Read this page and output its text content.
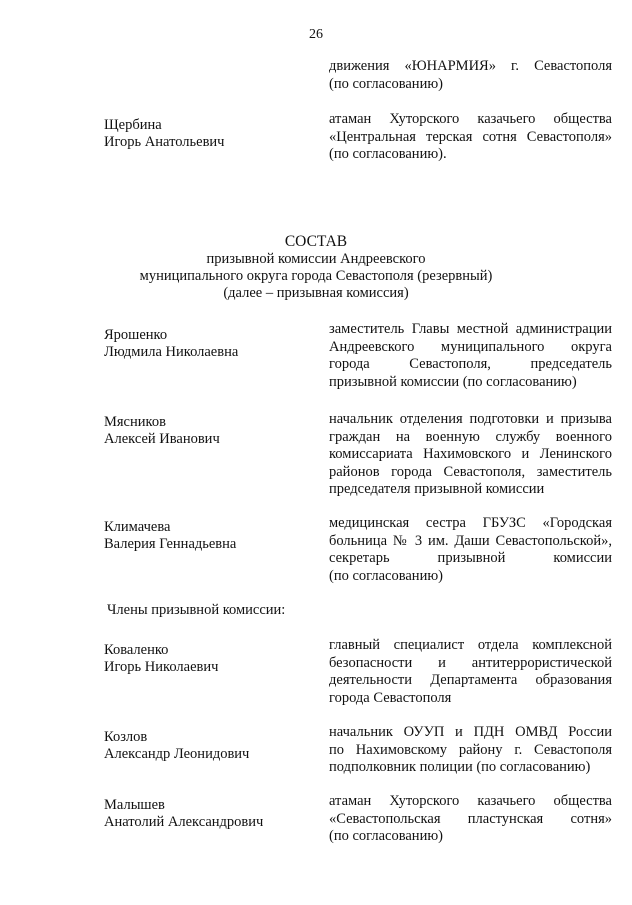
26
движения «ЮНАРМИЯ» г. Севастополя
(по согласованию)
Щербина
Игорь Анатольевич
атаман Хуторского казачьего общества
«Центральная терская сотня Севастополя»
(по согласованию).
СОСТАВ
призывной комиссии Андреевского
муниципального округа города Севастополя (резервный)
(далее – призывная комиссия)
Ярошенко
Людмила Николаевна
заместитель Главы местной администрации
Андреевского муниципального округа
города Севастополя, председатель
призывной комиссии (по согласованию)
Мясников
Алексей Иванович
начальник отделения подготовки и призыва
граждан на военную службу военного
комиссариата Нахимовского и Ленинского
районов города Севастополя, заместитель
председателя призывной комиссии
Климачева
Валерия Геннадьевна
медицинская сестра ГБУЗС «Городская
больница № 3 им. Даши Севастопольской»,
секретарь призывной комиссии
(по согласованию)
Члены призывной комиссии:
Коваленко
Игорь Николаевич
главный специалист отдела комплексной
безопасности и антитеррористической
деятельности Департамента образования
города Севастополя
Козлов
Александр Леонидович
начальник ОУУП и ПДН ОМВД России
по Нахимовскому району г. Севастополя
подполковник полиции (по согласованию)
Малышев
Анатолий Александрович
атаман Хуторского казачьего общества
«Севастопольская пластунская сотня»
(по согласованию)
